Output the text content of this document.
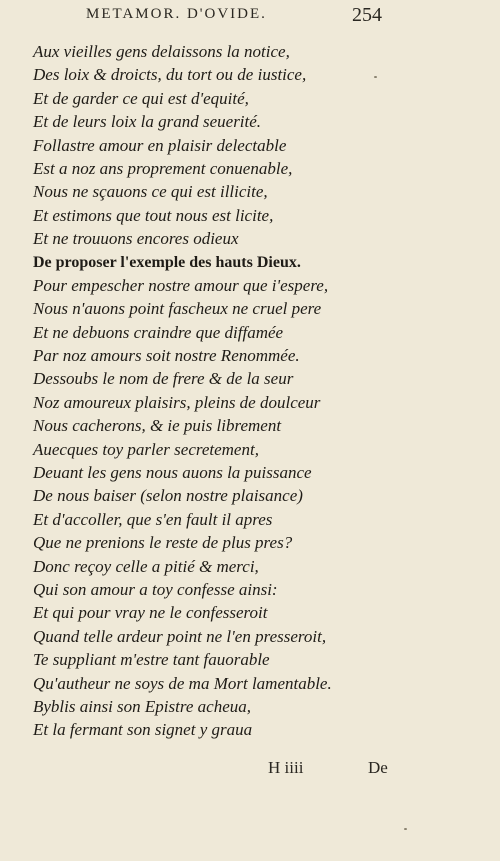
METAMOR. D'OVIDE.	254
Aux vieilles gens delaissons la notice,
Des loix & droicts, du tort ou de iustice,
Et de garder ce qui est d'equité,
Et de leurs loix la grand seuerité.
Follastre amour en plaisir delectable
Est a noz ans proprement conuenable,
Nous ne sçauons ce qui est illicite,
Et estimons que tout nous est licite,
Et ne trouuons encores odieux
De proposer l'exemple des hauts Dieux.
Pour empescher nostre amour que i'espere,
Nous n'auons point fascheux ne cruel pere
Et ne debuons craindre que diffamée
Par noz amours soit nostre Renommée.
Dessoubs le nom de frere & de la seur
Noz amoureux plaisirs, pleins de doulceur
Nous cacherons, & ie puis librement
Auecques toy parler secretement,
Deuant les gens nous auons la puissance
De nous baiser (selon nostre plaisance)
Et d'accoller, que s'en fault il apres
Que ne prenions le reste de plus pres?
Donc reçoy celle a pitié & merci,
Qui son amour a toy confesse ainsi:
Et qui pour vray ne le confesseroit
Quand telle ardeur point ne l'en presseroit,
Te suppliant m'estre tant fauorable
Qu'autheur ne soys de ma Mort lamentable.
Byblis ainsi son Epistre acheua,
Et la fermant son signet y graua
H iiii	De
